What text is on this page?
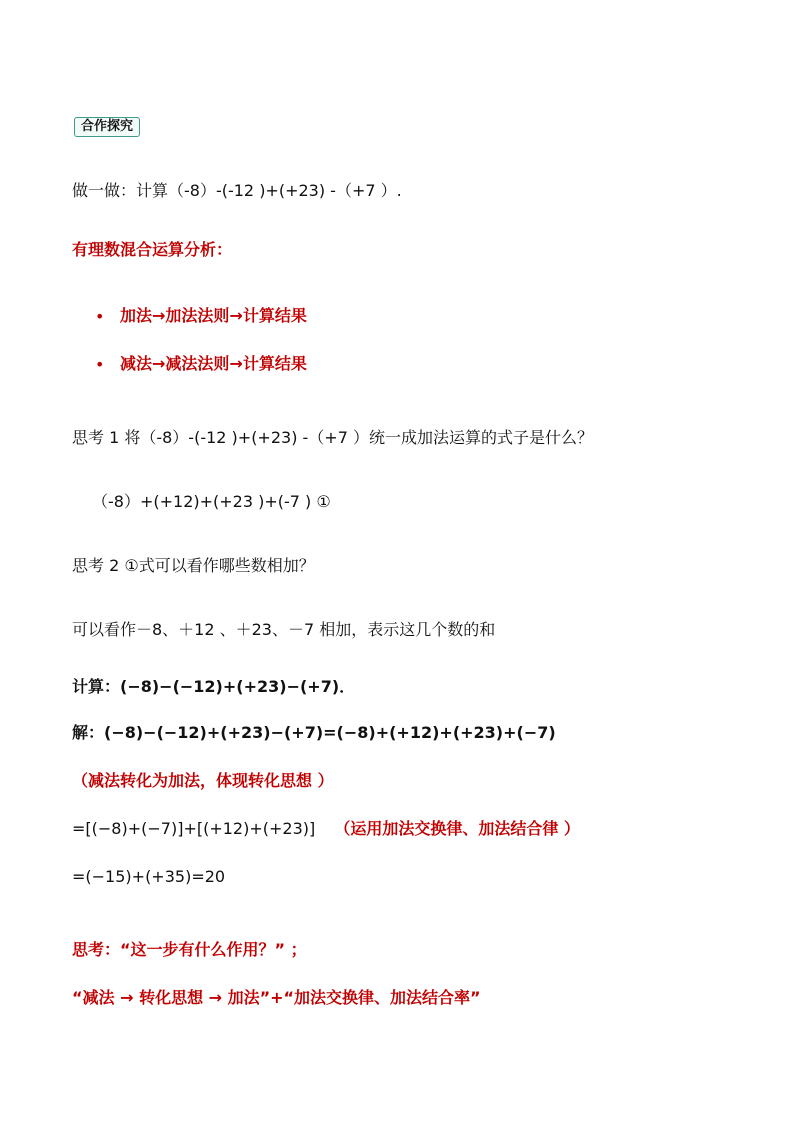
合作探究
做一做：计算（-8）-(-12 )+(+23) -（+7 ）.
有理数混合运算分析：
• 加法→加法法则→计算结果
• 减法→减法法则→计算结果
思考 1 将（-8）-(-12 )+(+23) -（+7 ）统一成加法运算的式子是什么？
（-8）+(+12)+(+23 )+(-7 ) ①
思考 2 ①式可以看作哪些数相加？
可以看作－8、＋12 、＋23、－7 相加，表示这几个数的和
计算：(−8)−(−12)+(+23)−(+7)．
解：(−8)−(−12)+(+23)−(+7)=(−8)+(+12)+(+23)+(−7)
（减法转化为加法，体现转化思想 ）
=[(−8)+(−7)]+[(+12)+(+23)] （运用加法交换律、加法结合律 ）
=(−15)+(+35)=20
思考：“这一步有什么作用？” ；
“减法 → 转化思想 → 加法”+“加法交换律、加法结合率”
